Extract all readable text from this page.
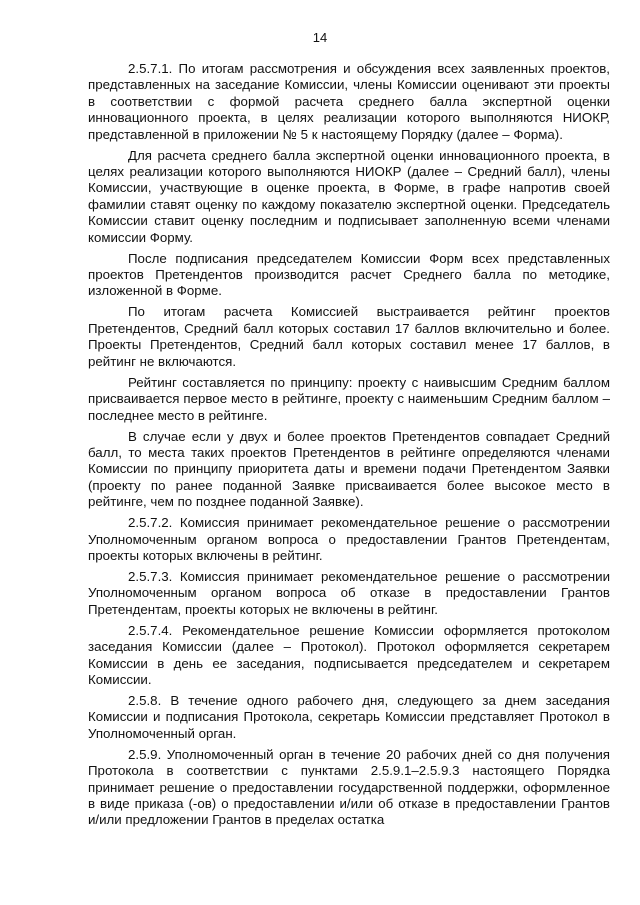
14

2.5.7.1. По итогам рассмотрения и обсуждения всех заявленных проектов, представленных на заседание Комиссии, члены Комиссии оценивают эти проекты в соответствии с формой расчета среднего балла экспертной оценки инновационного проекта, в целях реализации которого выполняются НИОКР, представленной в приложении № 5 к настоящему Порядку (далее – Форма).

Для расчета среднего балла экспертной оценки инновационного проекта, в целях реализации которого выполняются НИОКР (далее – Средний балл), члены Комиссии, участвующие в оценке проекта, в Форме, в графе напротив своей фамилии ставят оценку по каждому показателю экспертной оценки. Председатель Комиссии ставит оценку последним и подписывает заполненную всеми членами комиссии Форму.

После подписания председателем Комиссии Форм всех представленных проектов Претендентов производится расчет Среднего балла по методике, изложенной в Форме.

По итогам расчета Комиссией выстраивается рейтинг проектов Претендентов, Средний балл которых составил 17 баллов включительно и более. Проекты Претендентов, Средний балл которых составил менее 17 баллов, в рейтинг не включаются.

Рейтинг составляется по принципу: проекту с наивысшим Средним баллом присваивается первое место в рейтинге, проекту с наименьшим Средним баллом – последнее место в рейтинге.

В случае если у двух и более проектов Претендентов совпадает Средний балл, то места таких проектов Претендентов в рейтинге определяются членами Комиссии по принципу приоритета даты и времени подачи Претендентом Заявки (проекту по ранее поданной Заявке присваивается более высокое место в рейтинге, чем по позднее поданной Заявке).

2.5.7.2. Комиссия принимает рекомендательное решение о рассмотрении Уполномоченным органом вопроса о предоставлении Грантов Претендентам, проекты которых включены в рейтинг.

2.5.7.3. Комиссия принимает рекомендательное решение о рассмотрении Уполномоченным органом вопроса об отказе в предоставлении Грантов Претендентам, проекты которых не включены в рейтинг.

2.5.7.4. Рекомендательное решение Комиссии оформляется протоколом заседания Комиссии (далее – Протокол). Протокол оформляется секретарем Комиссии в день ее заседания, подписывается председателем и секретарем Комиссии.

2.5.8. В течение одного рабочего дня, следующего за днем заседания Комиссии и подписания Протокола, секретарь Комиссии представляет Протокол в Уполномоченный орган.

2.5.9. Уполномоченный орган в течение 20 рабочих дней со дня получения Протокола в соответствии с пунктами 2.5.9.1–2.5.9.3 настоящего Порядка принимает решение о предоставлении государственной поддержки, оформленное в виде приказа (-ов) о предоставлении и/или об отказе в предоставлении Грантов и/или предложении Грантов в пределах остатка
